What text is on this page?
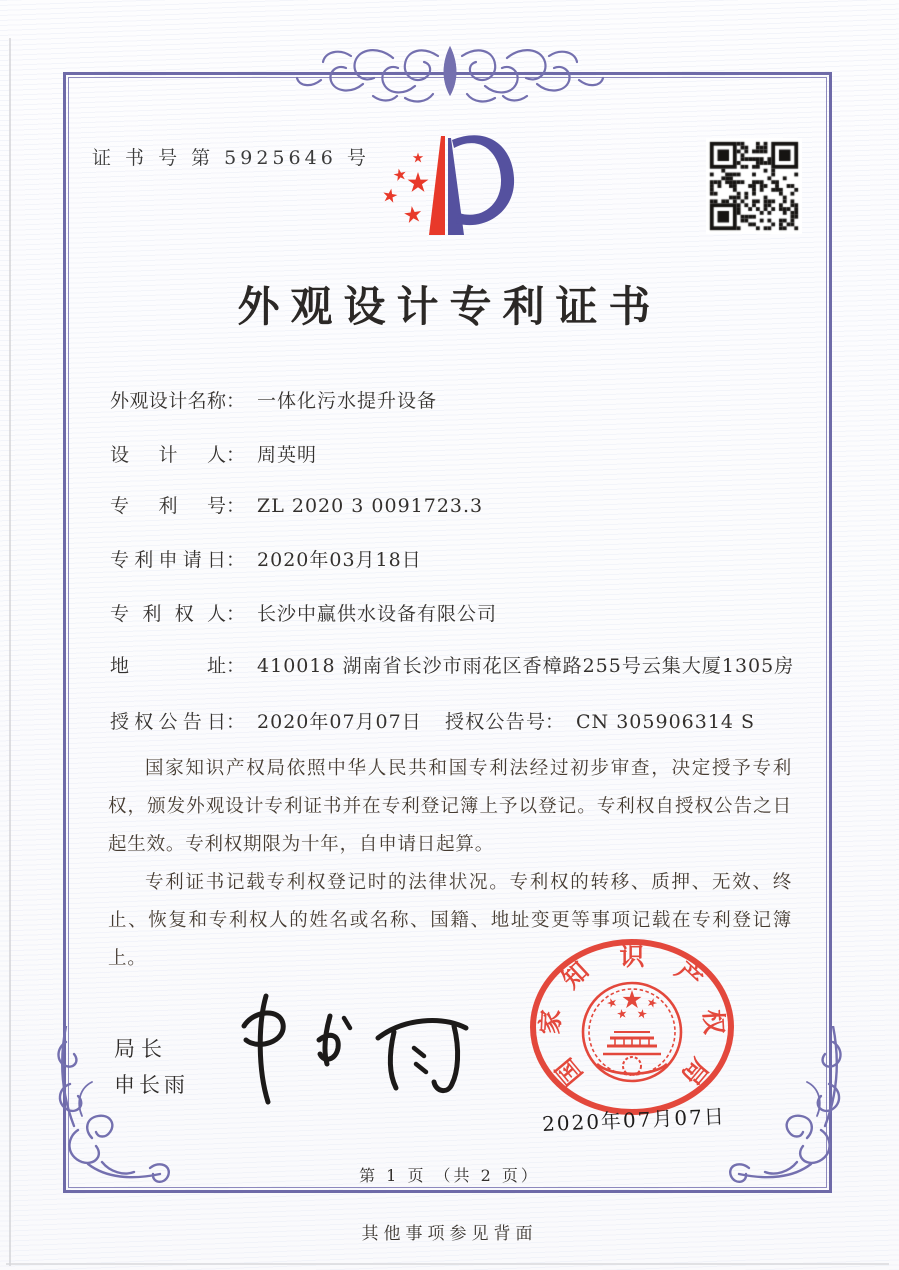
证 书 号 第 5925646 号
外观设计专利证书
外观设计名称： 一体化污水提升设备
设计人： 周英明
专利号： ZL 2020 3 0091723.3
专利申请日： 2020年03月18日
专利权人： 长沙中赢供水设备有限公司
地址： 410018 湖南省长沙市雨花区香樟路255号云集大厦1305房
授权公告日： 2020年07月07日 授权公告号： CN 305906314 S

国家知识产权局依照中华人民共和国专利法经过初步审查，决定授予专利权，颁发外观设计专利证书并在专利登记簿上予以登记。专利权自授权公告之日起生效。专利权期限为十年，自申请日起算。

专利证书记载专利权登记时的法律状况。专利权的转移、质押、无效、终止、恢复和专利权人的姓名或名称、国籍、地址变更等事项记载在专利登记簿上。

局长
申长雨	国
家
知 识 产
权
局
2020年07月07日
第 1 页 （共 2 页）
其他事项参见背面
